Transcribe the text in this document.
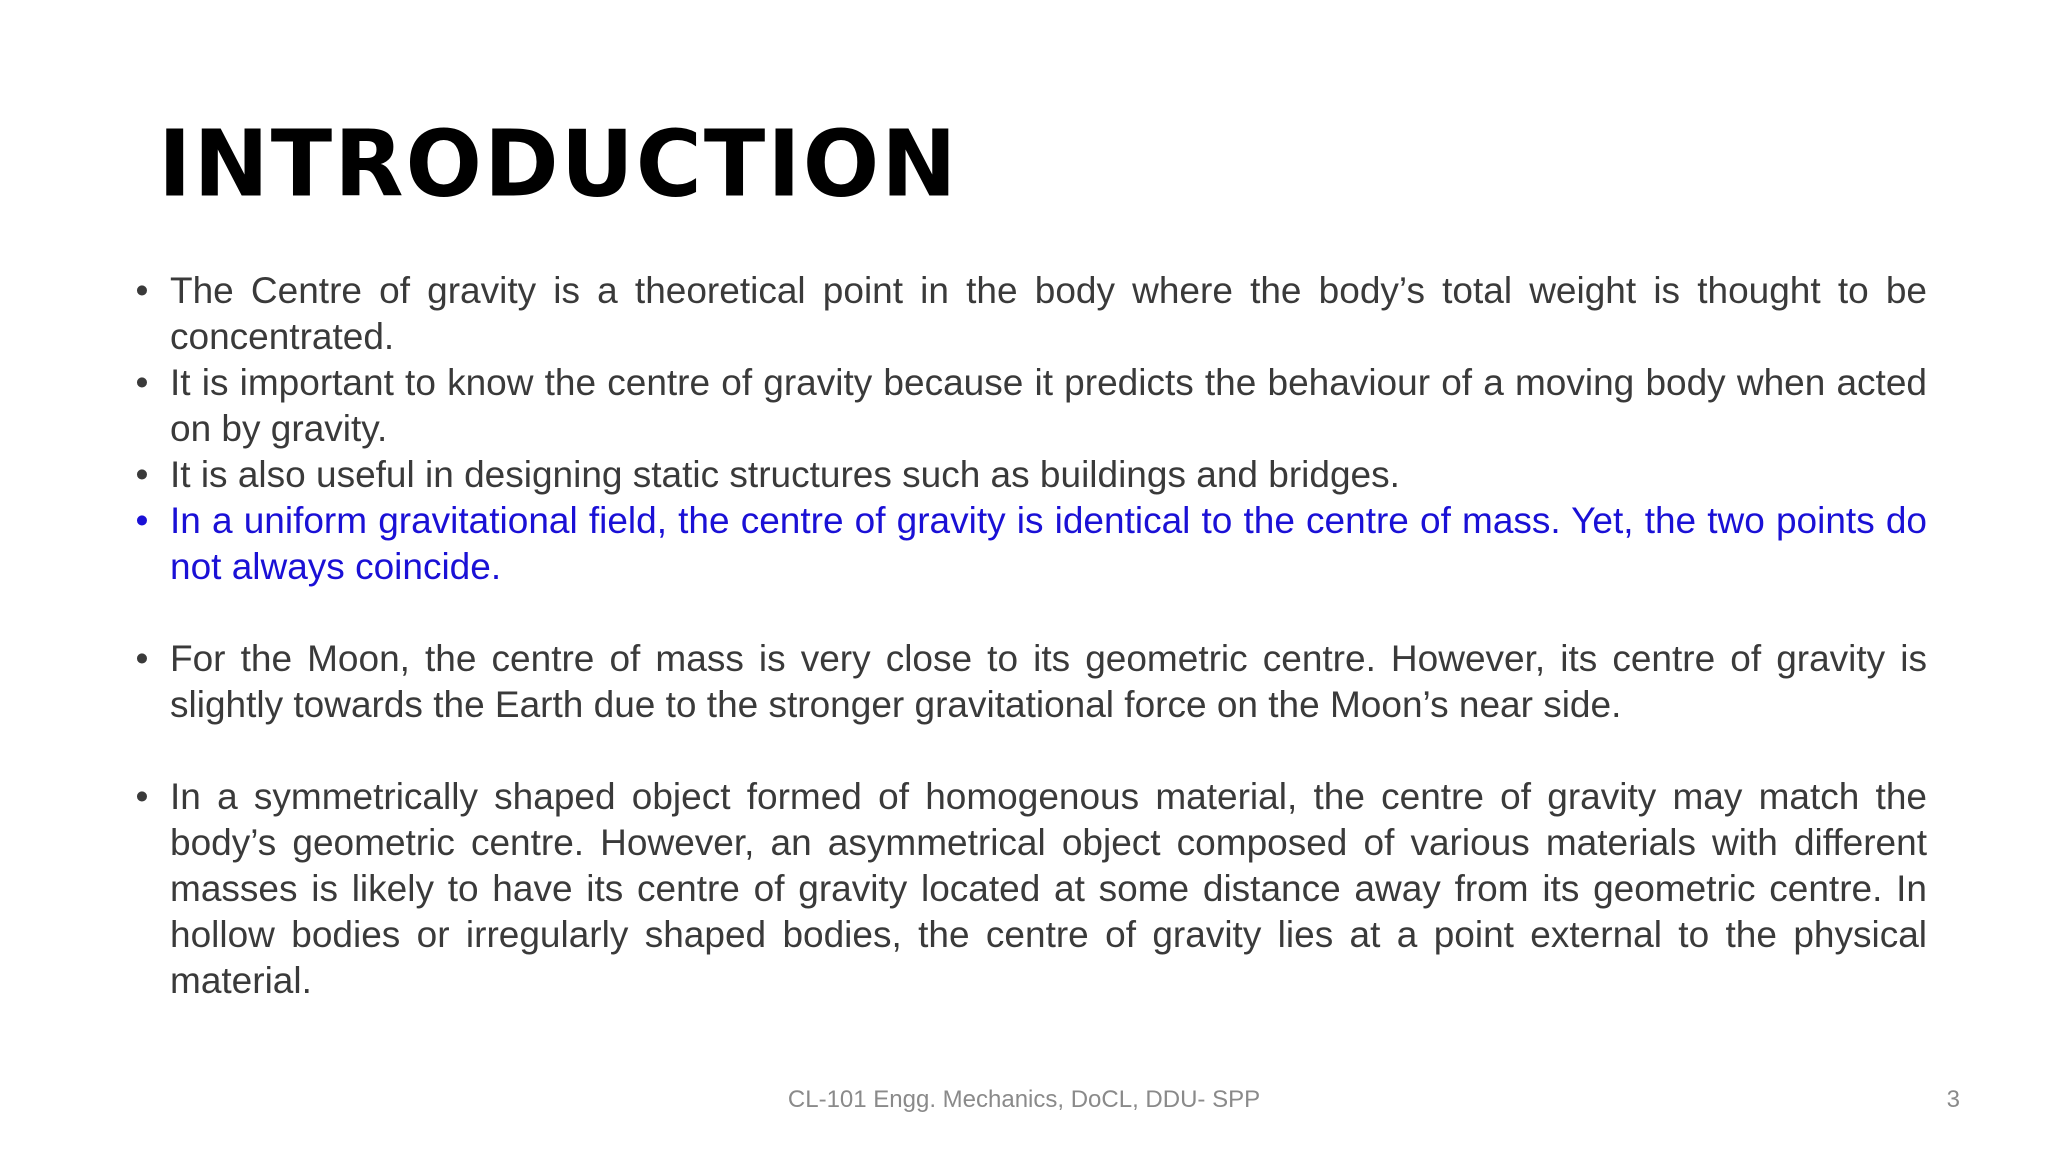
INTRODUCTION
• The Centre of gravity is a theoretical point in the body where the body’s total weight is thought to be concentrated.
• It is important to know the centre of gravity because it predicts the behaviour of a moving body when acted on by gravity.
• It is also useful in designing static structures such as buildings and bridges.
• In a uniform gravitational field, the centre of gravity is identical to the centre of mass. Yet, the two points do not always coincide.
• For the Moon, the centre of mass is very close to its geometric centre. However, its centre of gravity is slightly towards the Earth due to the stronger gravitational force on the Moon’s near side.
• In a symmetrically shaped object formed of homogenous material, the centre of gravity may match the body’s geometric centre. However, an asymmetrical object composed of various materials with different masses is likely to have its centre of gravity located at some distance away from its geometric centre. In hollow bodies or irregularly shaped bodies, the centre of gravity lies at a point external to the physical material.
CL-101 Engg. Mechanics, DoCL, DDU- SPP	3
